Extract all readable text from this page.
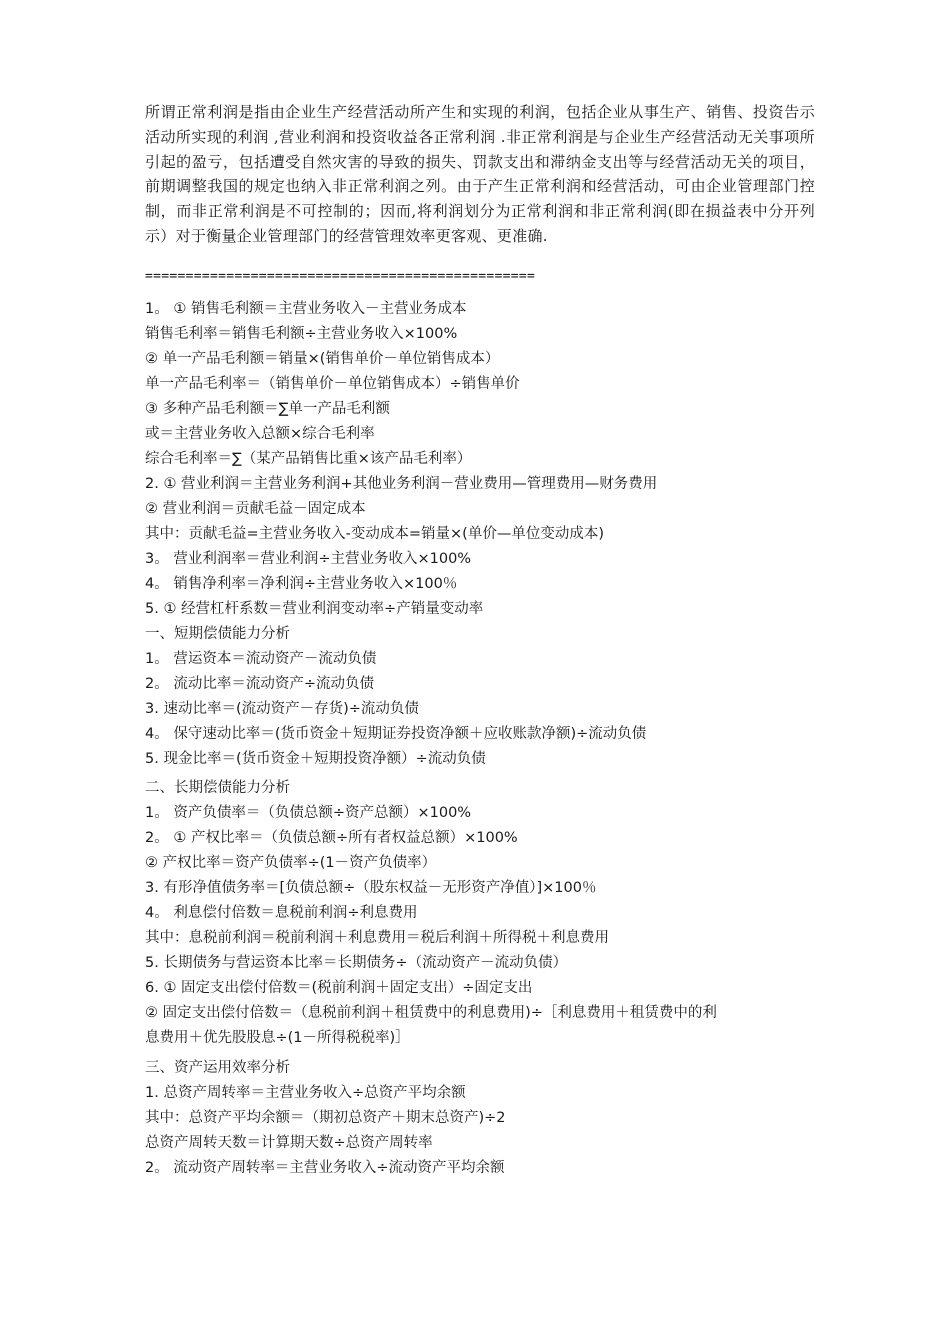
所谓正常利润是指由企业生产经营活动所产生和实现的利润，包括企业从事生产、销售、投资告示活动所实现的利润 ,营业利润和投资收益各正常利润 .非正常利润是与企业生产经营活动无关事项所引起的盈亏，包括遭受自然灾害的导致的损失、罚款支出和滞纳金支出等与经营活动无关的项目，前期调整我国的规定也纳入非正常利润之列。由于产生正常利润和经营活动，可由企业管理部门控制，而非正常利润是不可控制的；因而,将利润划分为正常利润和非正常利润(即在损益表中分开列示）对于衡量企业管理部门的经营管理效率更客观、更准确.

================================================
1。 ① 销售毛利额＝主营业务收入－主营业务成本
销售毛利率＝销售毛利额÷主营业务收入×100%
② 单一产品毛利额＝销量×(销售单价－单位销售成本）
单一产品毛利率＝（销售单价－单位销售成本）÷销售单价
③ 多种产品毛利额＝∑单一产品毛利额
或＝主营业务收入总额×综合毛利率
综合毛利率＝∑（某产品销售比重×该产品毛利率）
2. ① 营业利润＝主营业务利润+其他业务利润－营业费用—管理费用—财务费用
② 营业利润＝贡献毛益－固定成本
其中：贡献毛益=主营业务收入-变动成本=销量×(单价—单位变动成本)
3。 营业利润率＝营业利润÷主营业务收入×100%
4。 销售净利率＝净利润÷主营业务收入×100％
5. ① 经营杠杆系数＝营业利润变动率÷产销量变动率
一、短期偿债能力分析
1。 营运资本＝流动资产－流动负债
2。 流动比率＝流动资产÷流动负债
3. 速动比率＝(流动资产－存货)÷流动负债
4。 保守速动比率＝(货币资金＋短期证券投资净额＋应收账款净额)÷流动负债
5. 现金比率＝(货币资金＋短期投资净额）÷流动负债
二、长期偿债能力分析
1。 资产负债率＝（负债总额÷资产总额）×100%
2。 ① 产权比率＝（负债总额÷所有者权益总额）×100%
② 产权比率＝资产负债率÷(1－资产负债率）
3. 有形净值债务率＝[负债总额÷（股东权益－无形资产净值）]×100％
4。 利息偿付倍数＝息税前利润÷利息费用
其中：息税前利润＝税前利润＋利息费用＝税后利润＋所得税＋利息费用
5. 长期债务与营运资本比率＝长期债务÷（流动资产－流动负债）
6. ① 固定支出偿付倍数＝(税前利润＋固定支出）÷固定支出
② 固定支出偿付倍数＝（息税前利润＋租赁费中的利息费用)÷［利息费用＋租赁费中的利
息费用＋优先股股息÷(1－所得税税率)］
三、资产运用效率分析
1. 总资产周转率＝主营业务收入÷总资产平均余额
其中：总资产平均余额＝（期初总资产＋期末总资产)÷2
总资产周转天数＝计算期天数÷总资产周转率
2。 流动资产周转率＝主营业务收入÷流动资产平均余额
